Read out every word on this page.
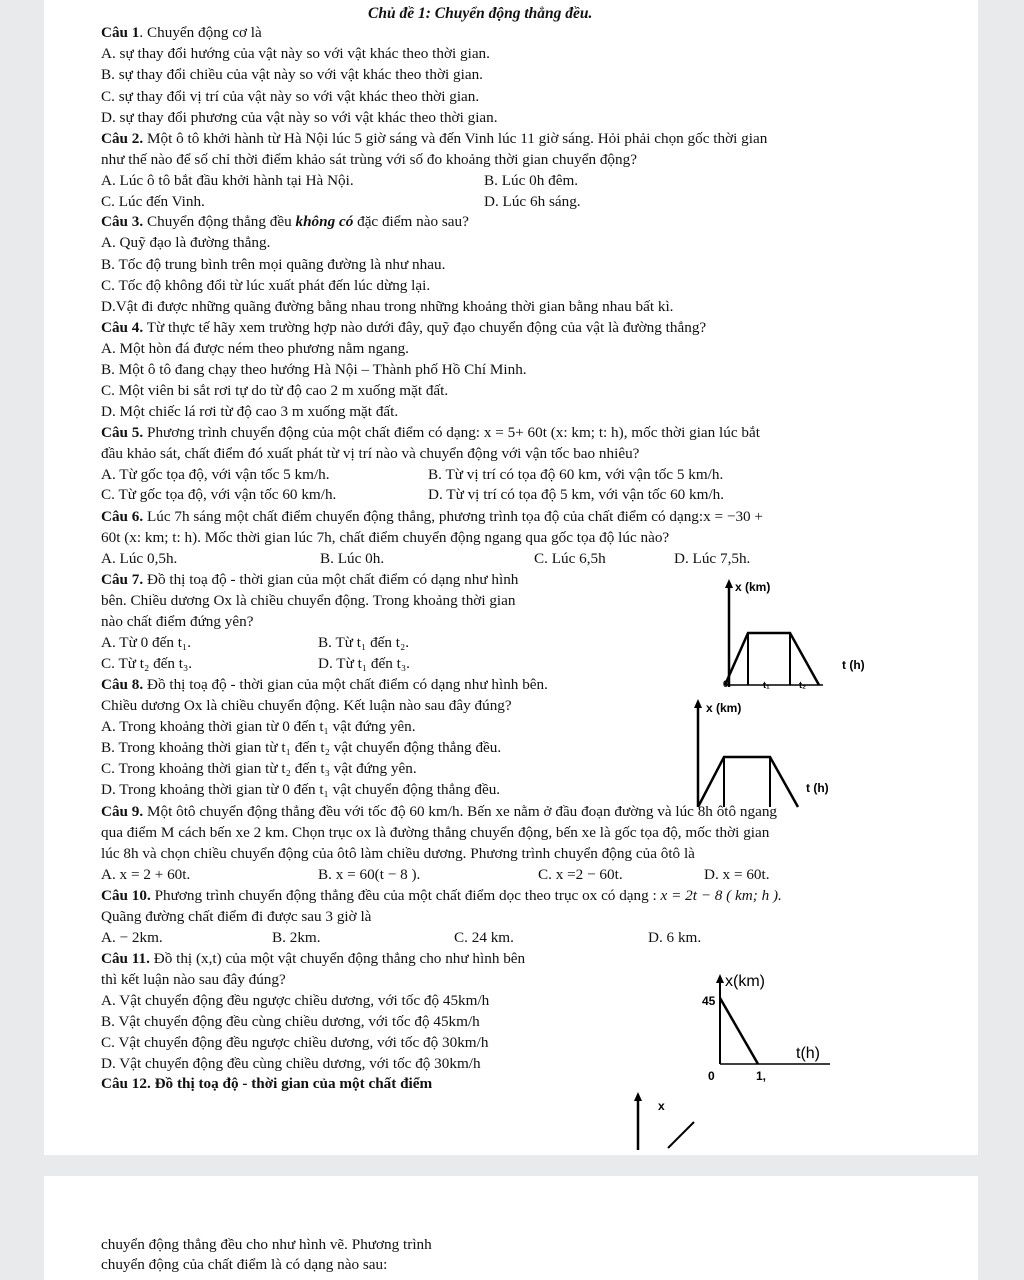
Chủ đề 1: Chuyển động thẳng đều.
Câu 1. Chuyển động cơ là
A. sự thay đổi hướng của vật này so với vật khác theo thời gian.
B. sự thay đổi chiều của vật này so với vật khác theo thời gian.
C. sự thay đổi vị trí của vật này so với vật khác theo thời gian.
D. sự thay đổi phương của vật này so với vật khác theo thời gian.
Câu 2. Một ô tô khởi hành từ Hà Nội lúc 5 giờ sáng và đến Vinh lúc 11 giờ sáng. Hỏi phải chọn gốc thời gian
như thế nào để số chỉ thời điểm khảo sát trùng với số đo khoảng thời gian chuyển động?
A. Lúc ô tô bắt đầu khởi hành tại Hà Nội.	B. Lúc 0h đêm.
C. Lúc đến Vinh.	D. Lúc 6h sáng.
Câu 3. Chuyển động thẳng đều không có đặc điểm nào sau?
A. Quỹ đạo là đường thẳng.
B. Tốc độ trung bình trên mọi quãng đường là như nhau.
C. Tốc độ không đổi từ lúc xuất phát đến lúc dừng lại.
D.Vật đi được những quãng đường bằng nhau trong những khoảng thời gian bằng nhau bất kì.
Câu 4. Từ thực tế hãy xem trường hợp nào dưới đây, quỹ đạo chuyển động của vật là đường thẳng?
A. Một hòn đá được ném theo phương nằm ngang.
B. Một ô tô đang chạy theo hướng Hà Nội – Thành phố Hồ Chí Minh.
C. Một viên bi sắt rơi tự do từ độ cao 2 m xuống mặt đất.
D. Một chiếc lá rơi từ độ cao 3 m xuống mặt đất.
Câu 5. Phương trình chuyển động của một chất điểm có dạng: x = 5+ 60t (x: km; t: h), mốc thời gian lúc bắt
đầu khảo sát, chất điểm đó xuất phát từ vị trí nào và chuyển động với vận tốc bao nhiêu?
A. Từ gốc tọa độ, với vận tốc 5 km/h.	B. Từ vị trí có tọa độ 60 km, với vận tốc 5 km/h.
C. Từ gốc tọa độ, với vận tốc 60 km/h.	D. Từ vị trí có tọa độ 5 km, với vận tốc 60 km/h.
Câu 6. Lúc 7h sáng một chất điểm chuyển động thẳng, phương trình tọa độ của chất điểm có dạng:x = −30 +
60t (x: km; t: h). Mốc thời gian lúc 7h, chất điểm chuyển động ngang qua gốc tọa độ lúc nào?
A. Lúc 0,5h.	B. Lúc 0h.	C. Lúc 6,5h	D. Lúc 7,5h.
Câu 7. Đồ thị toạ độ - thời gian của một chất điểm có dạng như hình
bên. Chiều dương Ox là chiều chuyển động. Trong khoảng thời gian
nào chất điểm đứng yên?
A. Từ 0 đến t₁.	B. Từ t₁ đến t₂.
C. Từ t₂ đến t₃.	D. Từ t₁ đến t₃.
x (km)
0	t₁	t₂
t (h)
Câu 8. Đồ thị toạ độ - thời gian của một chất điểm có dạng như hình bên.
Chiều dương Ox là chiều chuyển động. Kết luận nào sau đây đúng?
A. Trong khoảng thời gian từ 0 đến t₁ vật đứng yên.
B. Trong khoảng thời gian từ t₁ đến t₂ vật chuyển động thẳng đều.
C. Trong khoảng thời gian từ t₂ đến t₃ vật đứng yên.
D. Trong khoảng thời gian từ 0 đến t₁ vật chuyển động thẳng đều.
x (km)
t (h)
Câu 9. Một ôtô chuyển động thẳng đều với tốc độ 60 km/h. Bến xe nằm ở đầu đoạn đường và lúc 8h ôtô ngang
qua điểm M cách bến xe 2 km. Chọn trục ox là đường thẳng chuyển động, bến xe là gốc tọa độ, mốc thời gian
lúc 8h và chọn chiều chuyển động của ôtô làm chiều dương. Phương trình chuyển động của ôtô là
A. x = 2 + 60t.	B. x = 60(t − 8 ).	C. x =2 − 60t.	D. x = 60t.
Câu 10. Phương trình chuyển động thẳng đều của một chất điểm dọc theo trục ox có dạng : x = 2t − 8 ( km; h ).
Quãng đường chất điểm đi được sau 3 giờ là
A. − 2km.	B. 2km.	C. 24 km.	D. 6 km.
Câu 11. Đồ thị (x,t) của một vật chuyển động thẳng cho như hình bên
thì kết luận nào sau đây đúng?
A. Vật chuyển động đều ngược chiều dương, với tốc độ 45km/h
B. Vật chuyển động đều cùng chiều dương, với tốc độ 45km/h
C. Vật chuyển động đều ngược chiều dương, với tốc độ 30km/h
D. Vật chuyển động đều cùng chiều dương, với tốc độ 30km/h
x(km)
45
0	1,
t(h)
Câu 12. Đồ thị toạ độ - thời gian của một chất điểm
x
chuyển động thẳng đều cho như hình vẽ. Phương trình
chuyển động của chất điểm là có dạng nào sau:
